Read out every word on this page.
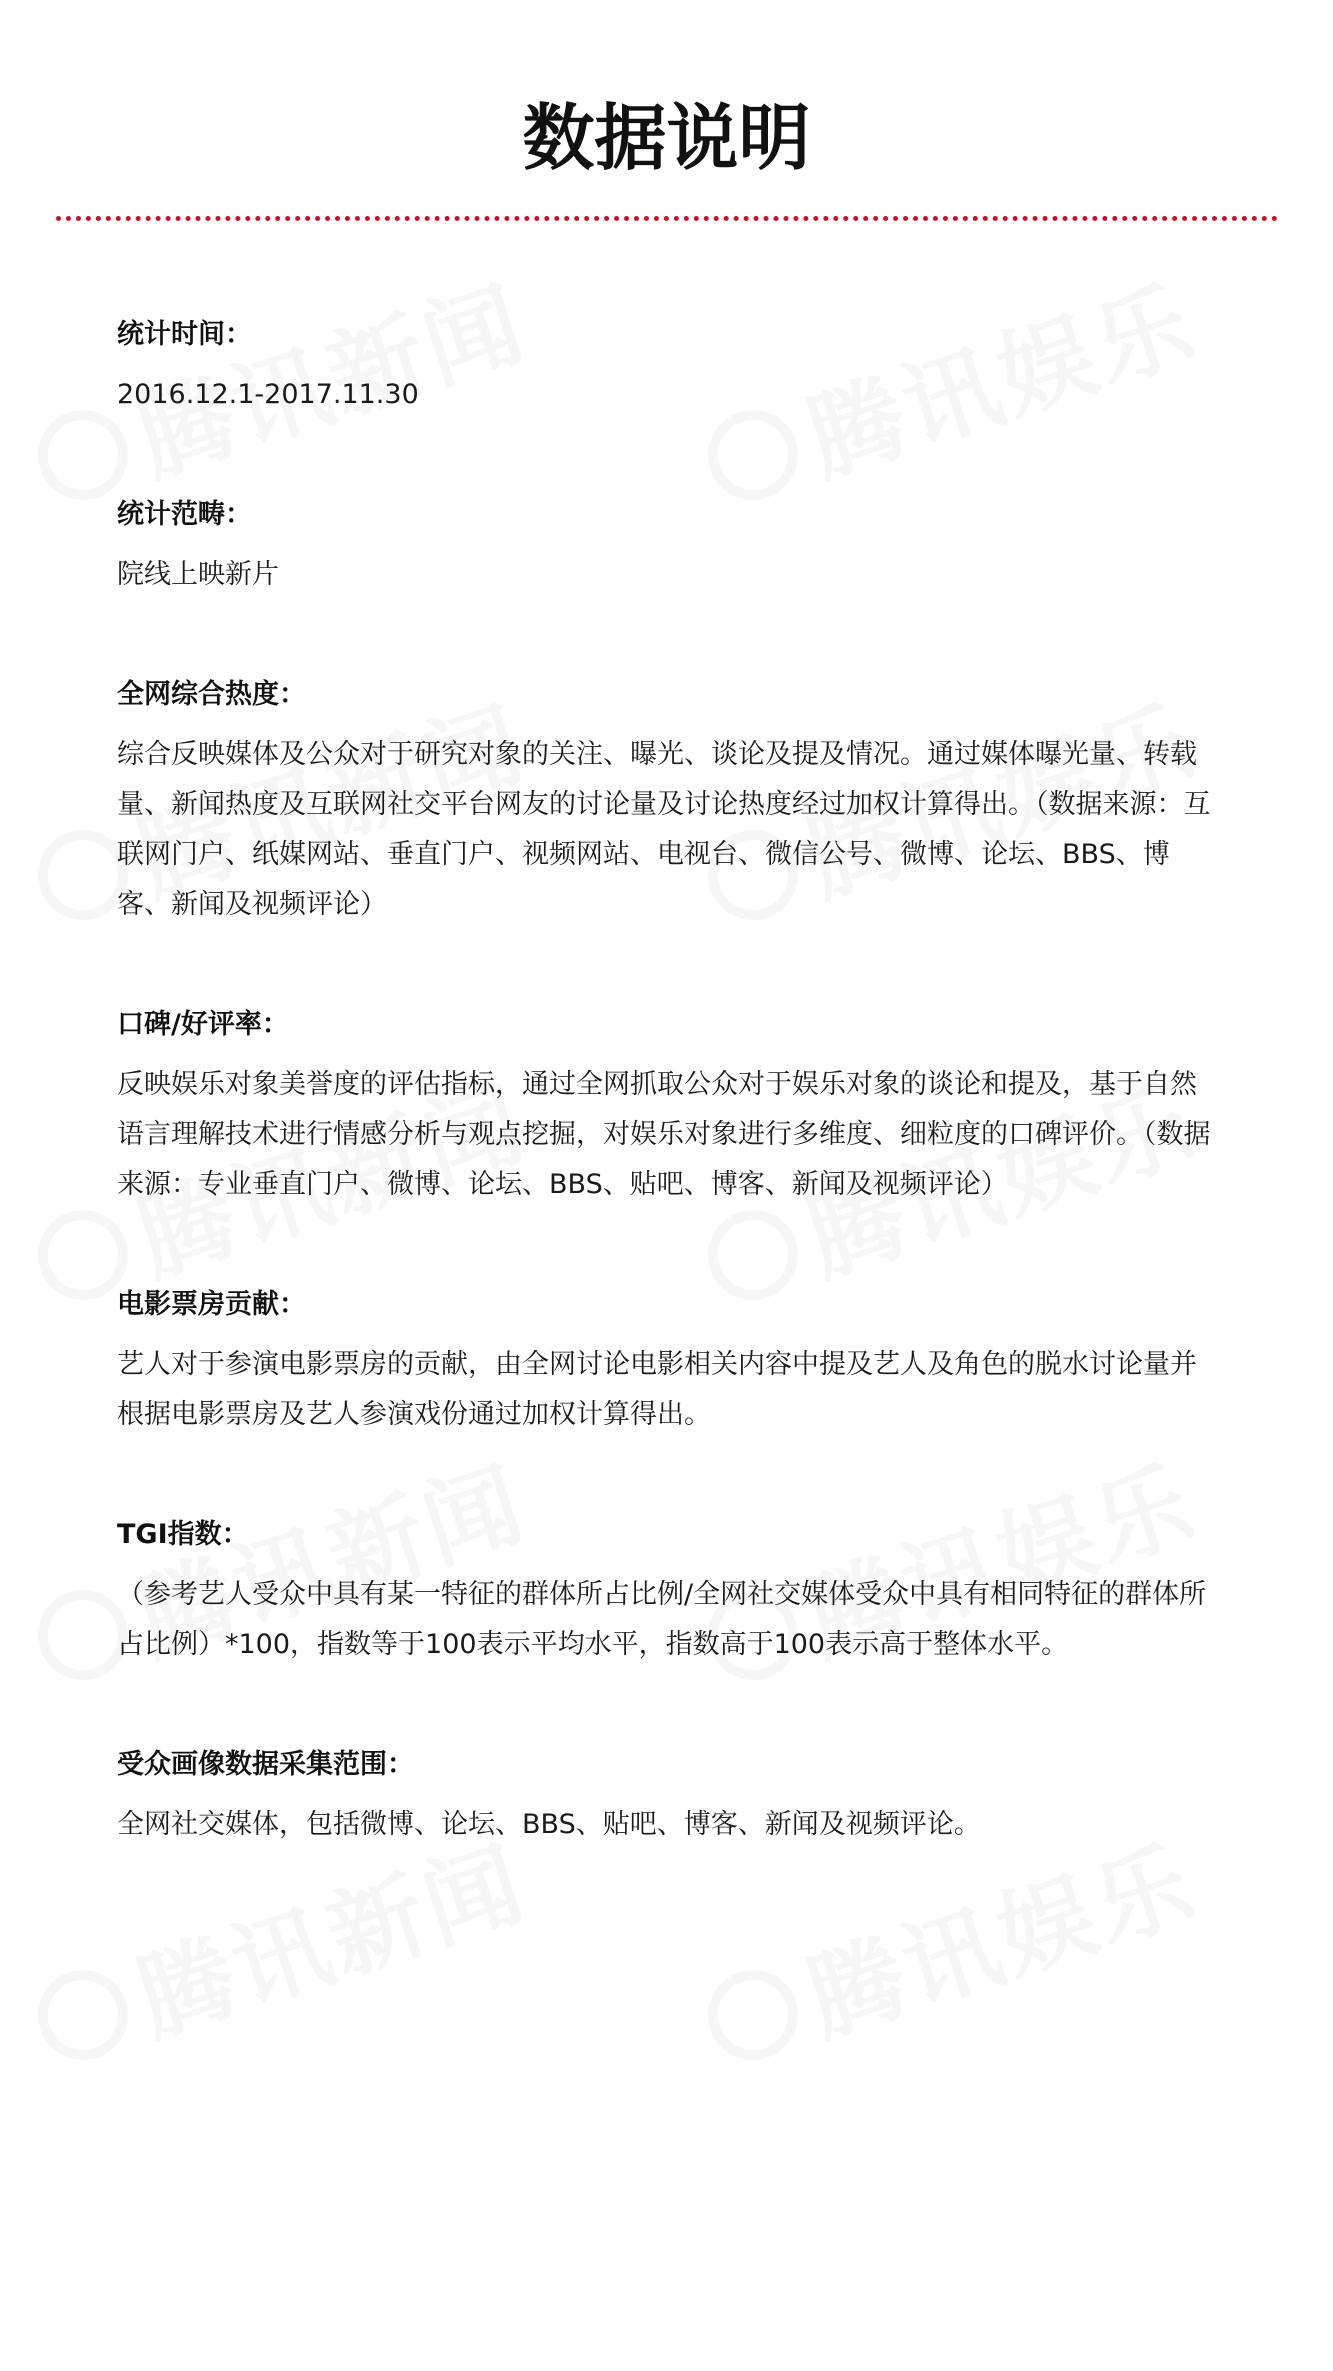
数据说明

统计时间：

2016.12.1-2017.11.30

统计范畴：

院线上映新片

全网综合热度：

综合反映媒体及公众对于研究对象的关注、曝光、谈论及提及情况。通过媒体曝光量、转载量、新闻热度及互联网社交平台网友的讨论量及讨论热度经过加权计算得出。（数据来源：互联网门户、纸媒网站、垂直门户、视频网站、电视台、微信公号、微博、论坛、BBS、博客、新闻及视频评论）

口碑/好评率：

反映娱乐对象美誉度的评估指标，通过全网抓取公众对于娱乐对象的谈论和提及，基于自然语言理解技术进行情感分析与观点挖掘，对娱乐对象进行多维度、细粒度的口碑评价。（数据来源：专业垂直门户、微博、论坛、BBS、贴吧、博客、新闻及视频评论）

电影票房贡献：

艺人对于参演电影票房的贡献，由全网讨论电影相关内容中提及艺人及角色的脱水讨论量并根据电影票房及艺人参演戏份通过加权计算得出。

TGI指数：

（参考艺人受众中具有某一特征的群体所占比例/全网社交媒体受众中具有相同特征的群体所占比例）*100，指数等于100表示平均水平，指数高于100表示高于整体水平。

受众画像数据采集范围：

全网社交媒体，包括微博、论坛、BBS、贴吧、博客、新闻及视频评论。
